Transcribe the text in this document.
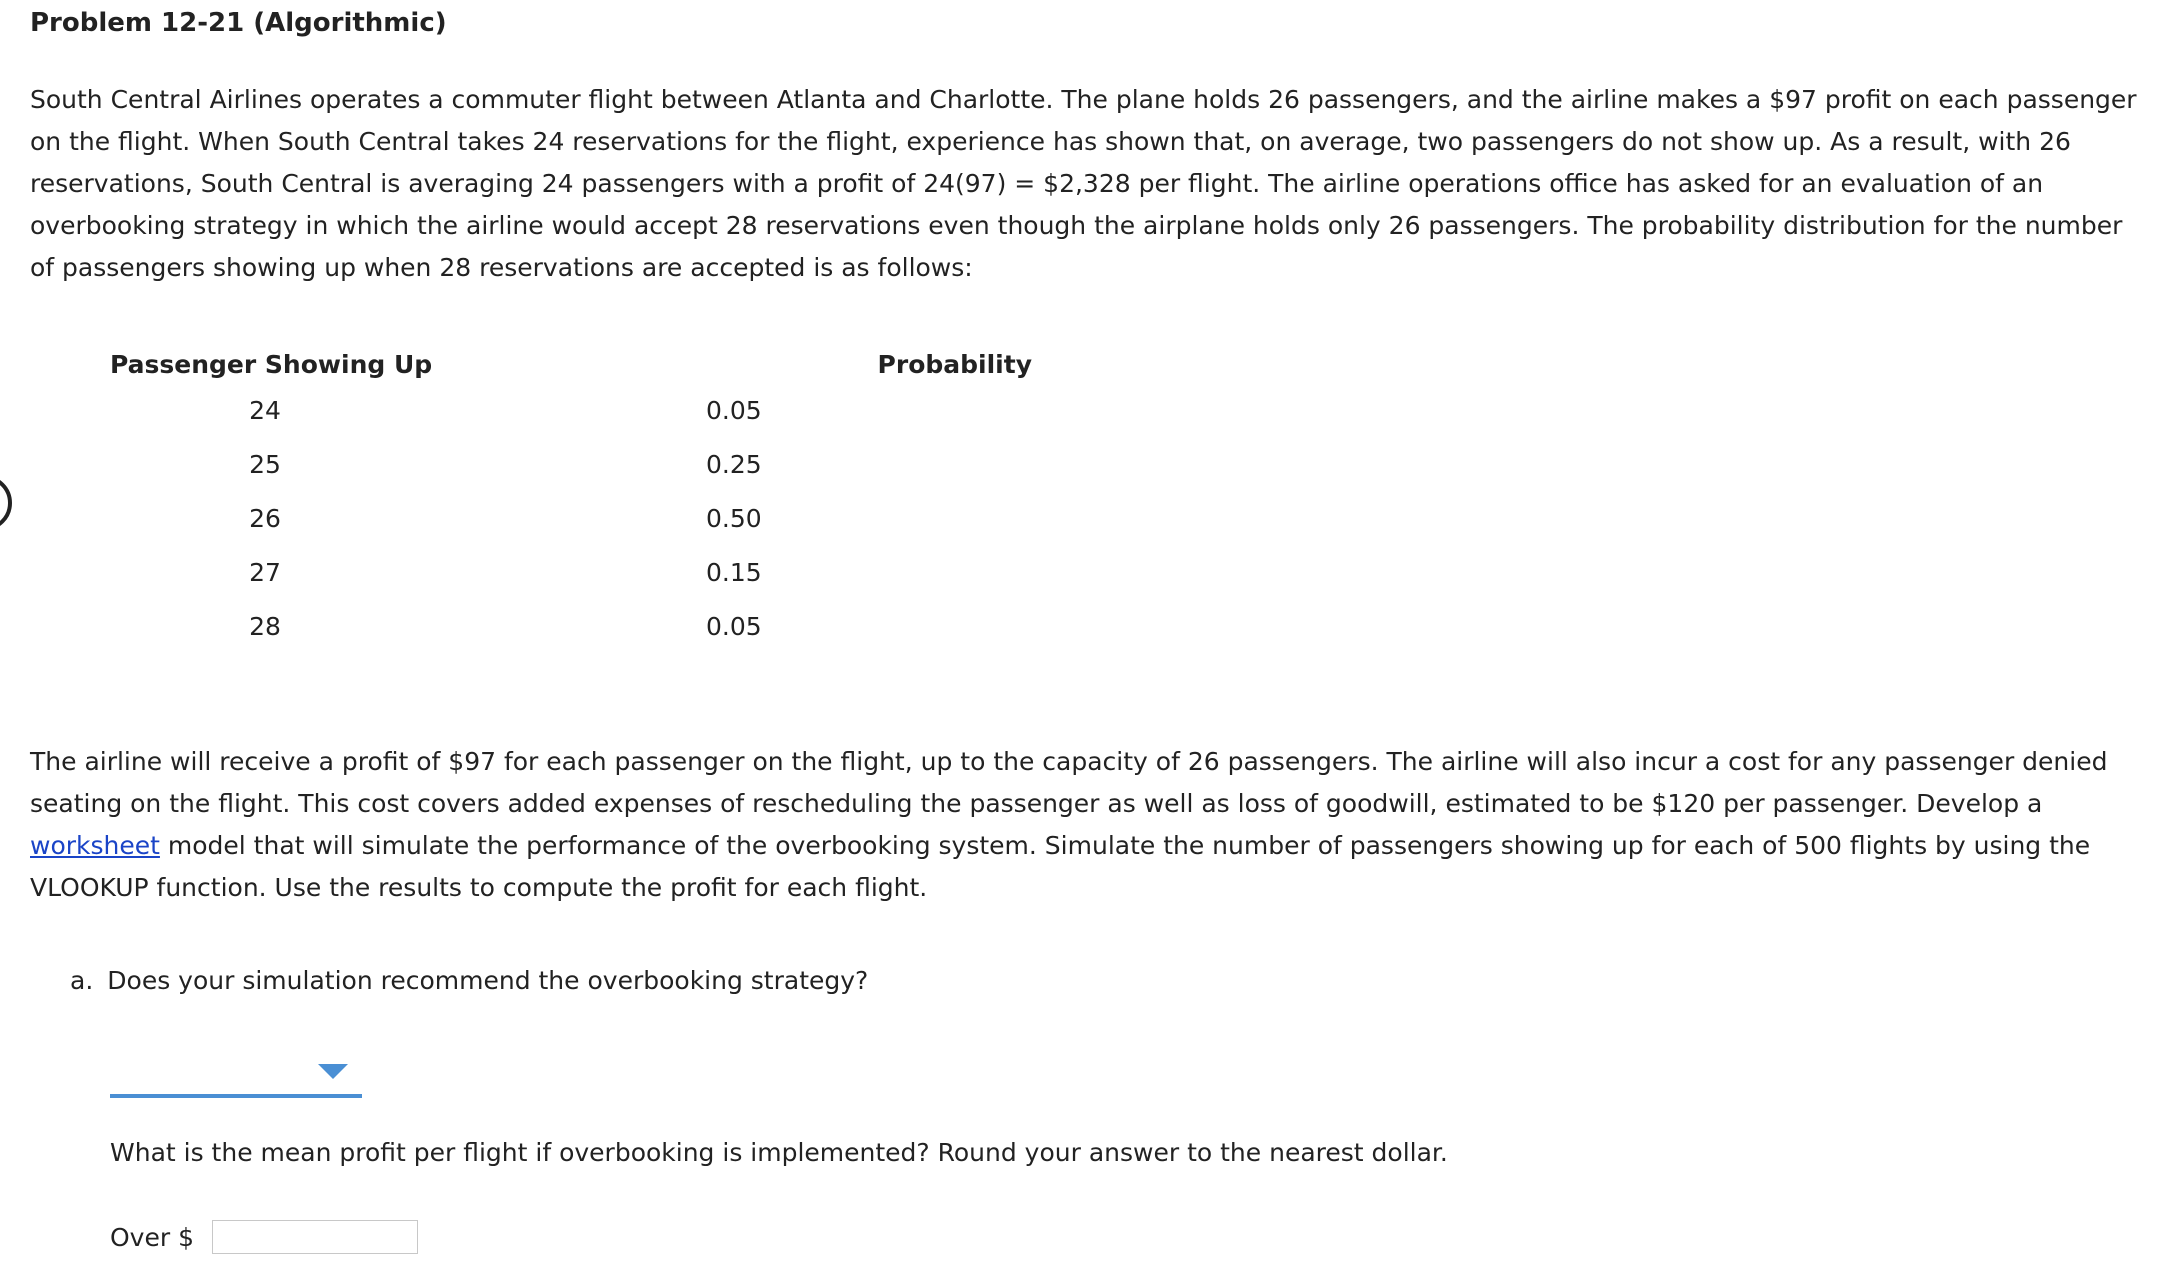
Problem 12-21 (Algorithmic)

South Central Airlines operates a commuter flight between Atlanta and Charlotte. The plane holds 26 passengers, and the airline makes a $97 profit on each passenger on the flight. When South Central takes 24 reservations for the flight, experience has shown that, on average, two passengers do not show up. As a result, with 26 reservations, South Central is averaging 24 passengers with a profit of 24(97) = $2,328 per flight. The airline operations office has asked for an evaluation of an overbooking strategy in which the airline would accept 28 reservations even though the airplane holds only 26 passengers. The probability distribution for the number of passengers showing up when 28 reservations are accepted is as follows:

Passenger Showing Up	Probability
24	0.05
25	0.25
26	0.50
27	0.15
28	0.05

The airline will receive a profit of $97 for each passenger on the flight, up to the capacity of 26 passengers. The airline will also incur a cost for any passenger denied seating on the flight. This cost covers added expenses of rescheduling the passenger as well as loss of goodwill, estimated to be $120 per passenger. Develop a worksheet model that will simulate the performance of the overbooking system. Simulate the number of passengers showing up for each of 500 flights by using the VLOOKUP function. Use the results to compute the profit for each flight.

a. Does your simulation recommend the overbooking strategy?

What is the mean profit per flight if overbooking is implemented? Round your answer to the nearest dollar.

Over $
